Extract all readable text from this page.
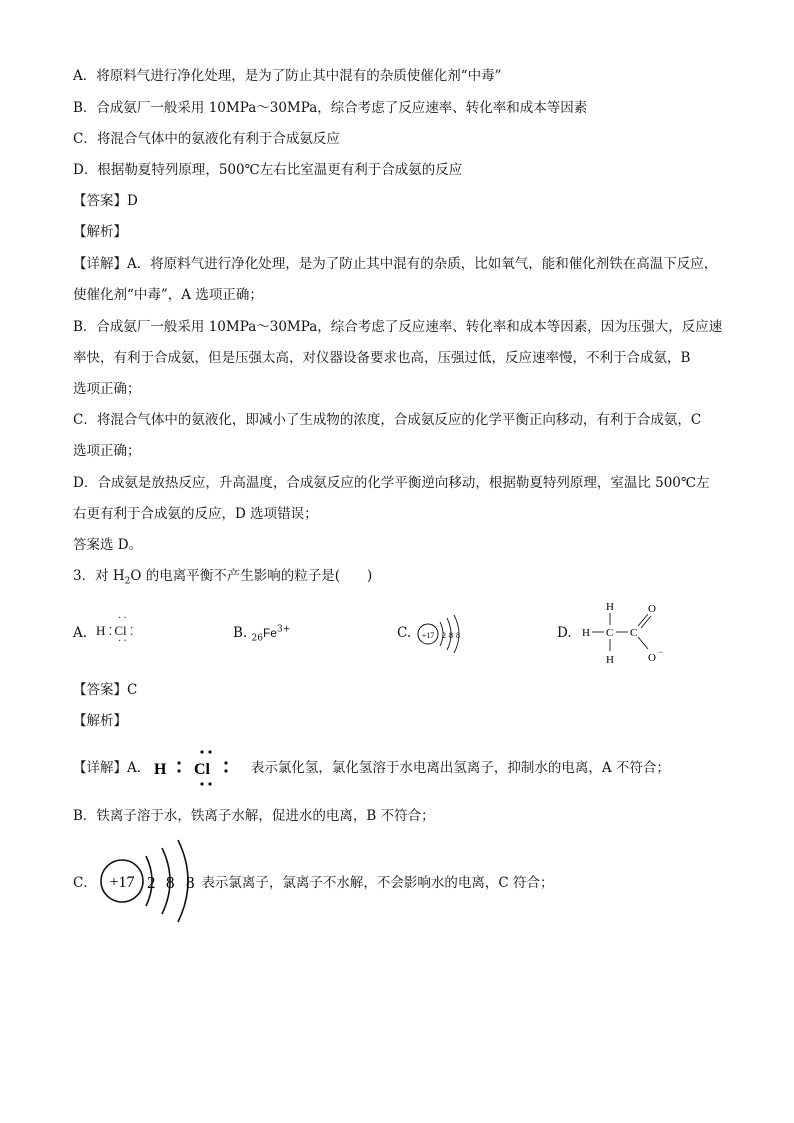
A．将原料气进行净化处理，是为了防止其中混有的杂质使催化剂“中毒”
B．合成氨厂一般采用 10MPa～30MPa，综合考虑了反应速率、转化率和成本等因素
C．将混合气体中的氨液化有利于合成氨反应
D．根据勒夏特列原理，500℃左右比室温更有利于合成氨的反应
【答案】D
【解析】
【详解】A．将原料气进行净化处理，是为了防止其中混有的杂质，比如氧气，能和催化剂铁在高温下反应，
使催化剂“中毒”，A 选项正确；
B．合成氨厂一般采用 10MPa～30MPa，综合考虑了反应速率、转化率和成本等因素，因为压强大，反应速
率快，有利于合成氨，但是压强太高，对仪器设备要求也高，压强过低，反应速率慢，不利于合成氨，B
选项正确；
C．将混合气体中的氨液化，即减小了生成物的浓度，合成氨反应的化学平衡正向移动，有利于合成氨，C
选项正确；
D．合成氨是放热反应，升高温度，合成氨反应的化学平衡逆向移动，根据勒夏特列原理，室温比 500℃左
右更有利于合成氨的反应，D 选项错误；
答案选 D。
3．对 $H_2O$ 的电离平衡不产生影响的粒子是(　　)
A. H ⁚ Cl ⁚
··
··
B. $_{26}Fe^{3+}$	C. +17 2 8 8	D.
H
H C C
H
O
O −
【答案】C
【解析】
【详解】A．	表示氯化氢，氯化氢溶于水电离出氢离子，抑制水的电离，A 不符合；
H Cl
B．铁离子溶于水，铁离子水解，促进水的电离，B 不符合；
C．	表示氯离子，氯离子不水解，不会影响水的电离，C 符合；
+17 2 8 8
